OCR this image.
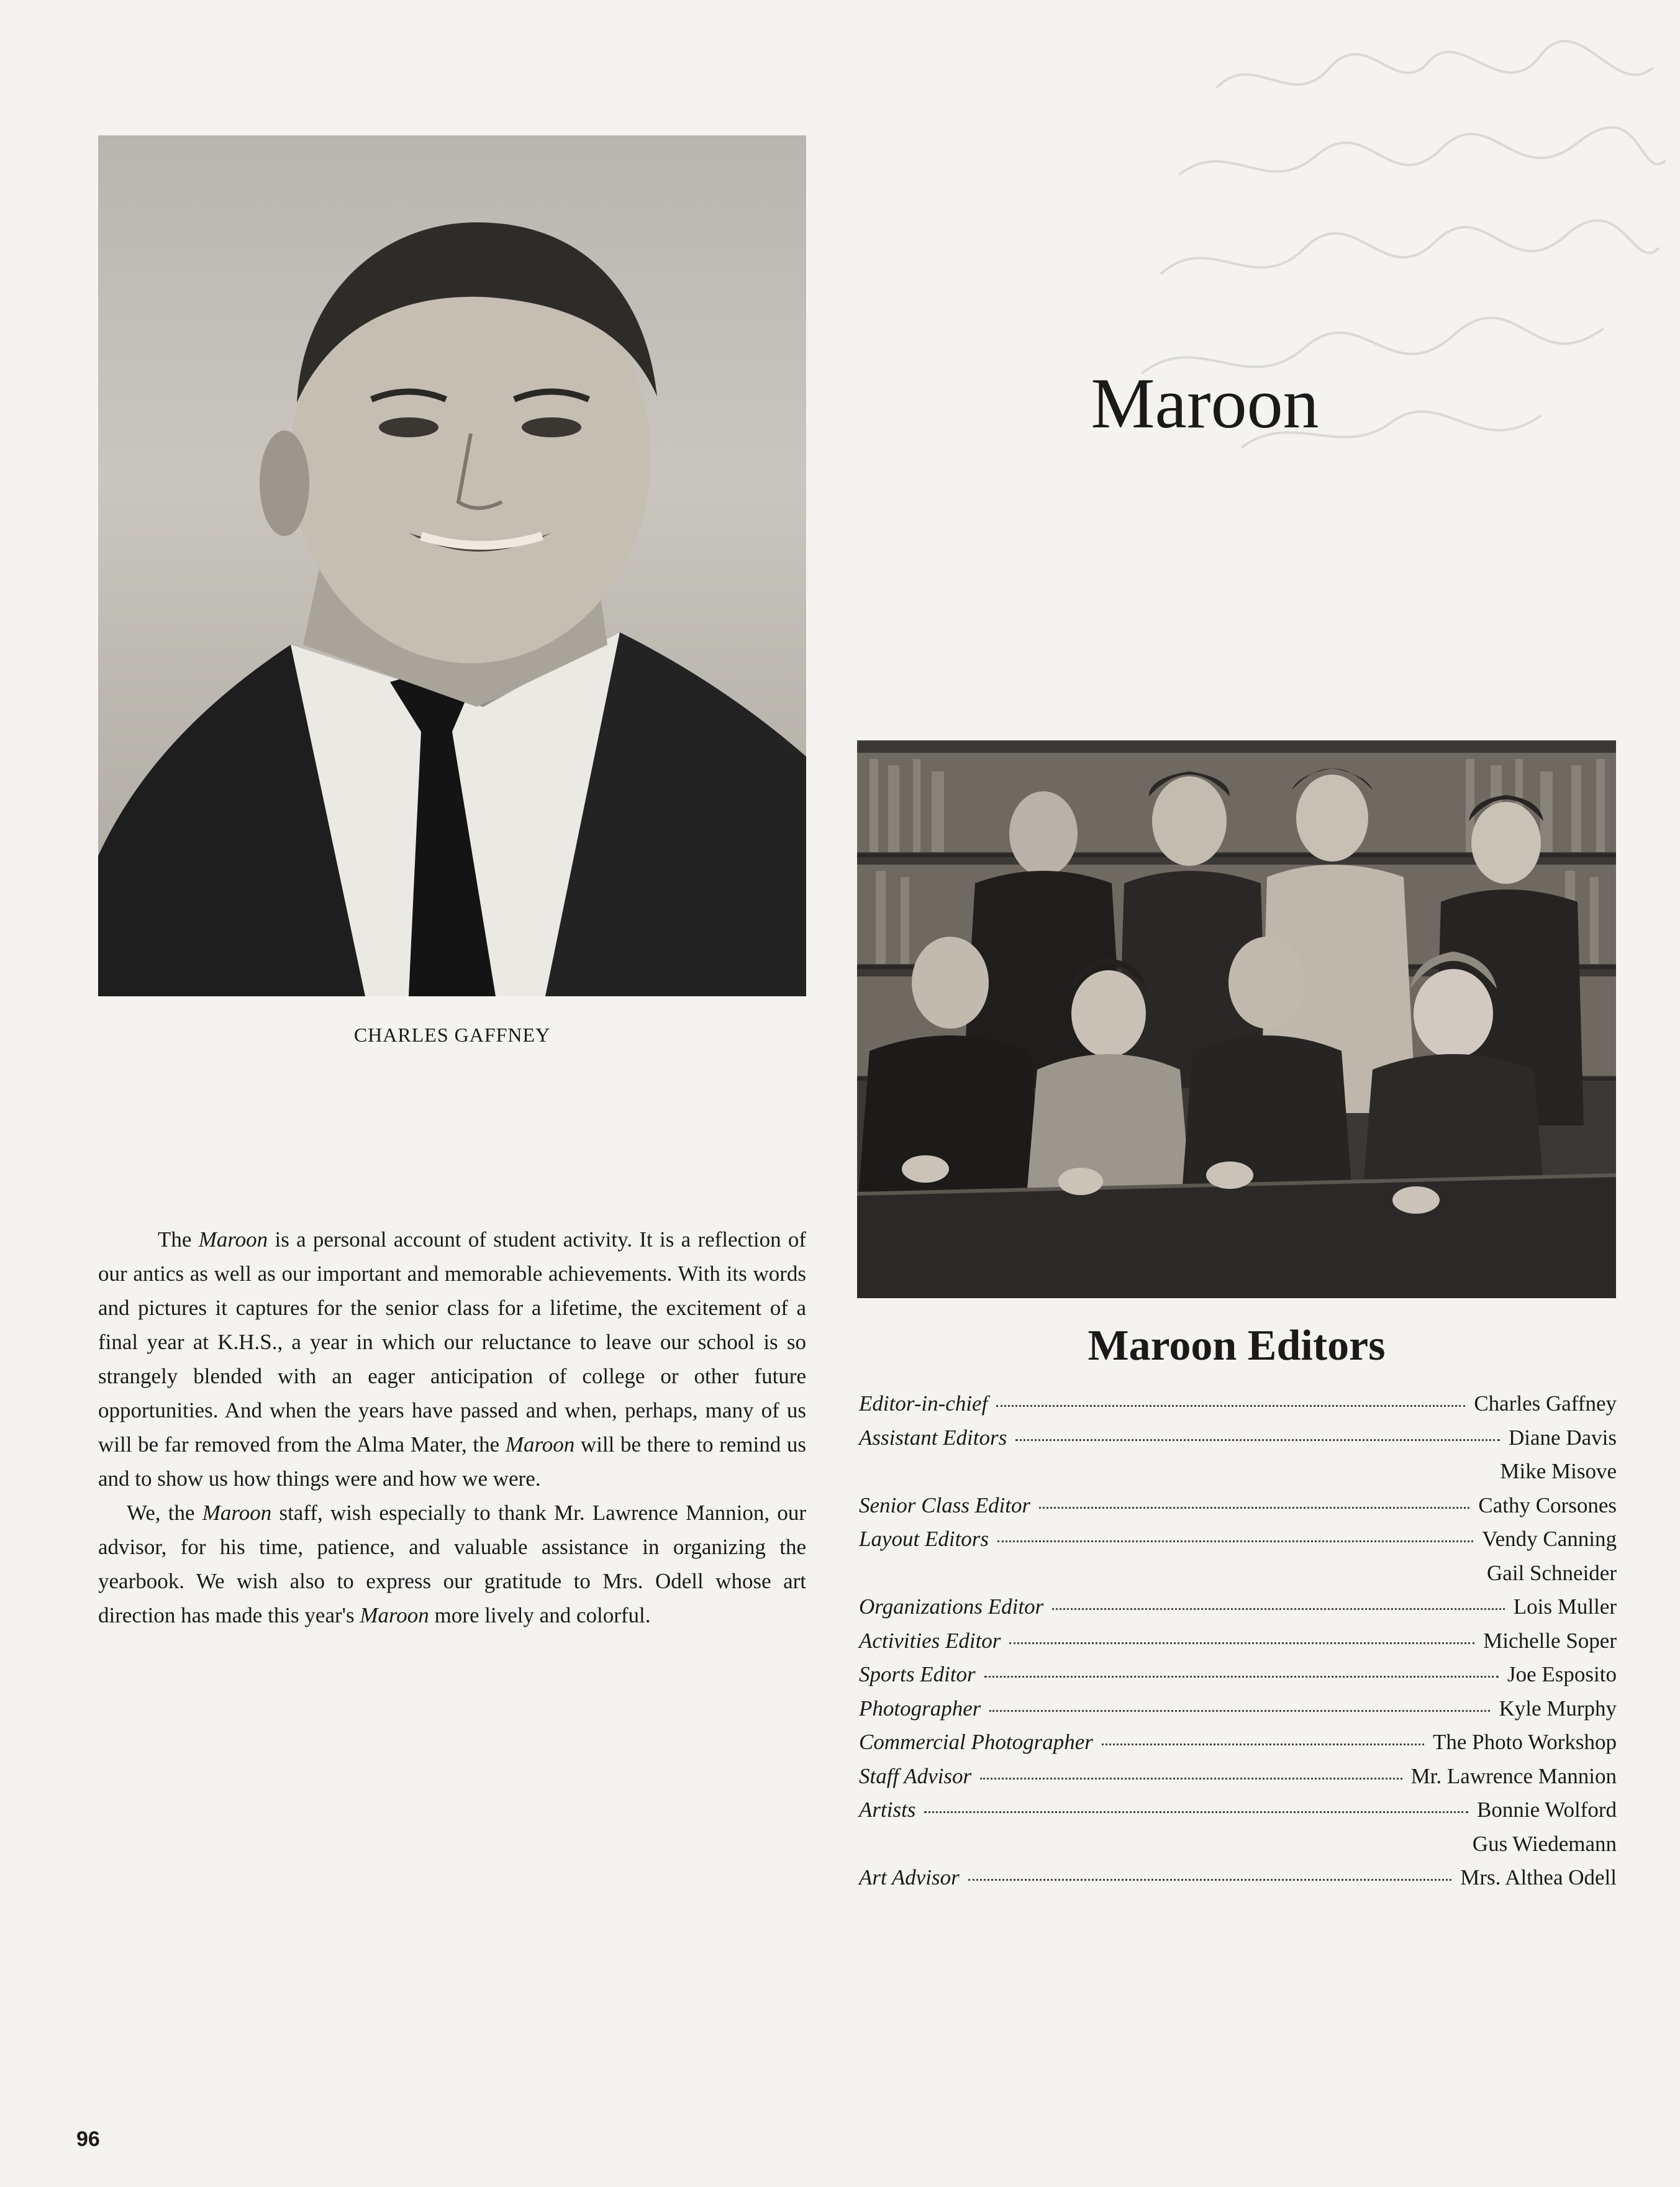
CHARLES GAFFNEY
Maroon

The Maroon is a personal account of student activity. It is a reflection of our antics as well as our important and memorable achievements. With its words and pictures it captures for the senior class for a lifetime, the excitement of a final year at K.H.S., a year in which our reluctance to leave our school is so strangely blended with an eager anticipation of college or other future opportunities. And when the years have passed and when, perhaps, many of us will be far removed from the Alma Mater, the Maroon will be there to remind us and to show us how things were and how we were.

We, the Maroon staff, wish especially to thank Mr. Lawrence Mannion, our advisor, for his time, patience, and valuable assistance in organizing the yearbook. We wish also to express our gratitude to Mrs. Odell whose art direction has made this year's Maroon more lively and colorful.

Maroon Editors
Editor-in-chief	Charles Gaffney
Assistant Editors	Diane Davis
Mike Misove
Senior Class Editor	Cathy Corsones
Layout Editors	Vendy Canning
Gail Schneider
Organizations Editor	Lois Muller
Activities Editor	Michelle Soper
Sports Editor	Joe Esposito
Photographer	Kyle Murphy
Commercial Photographer	The Photo Workshop
Staff Advisor	Mr. Lawrence Mannion
Artists	Bonnie Wolford
Gus Wiedemann
Art Advisor	Mrs. Althea Odell
96
